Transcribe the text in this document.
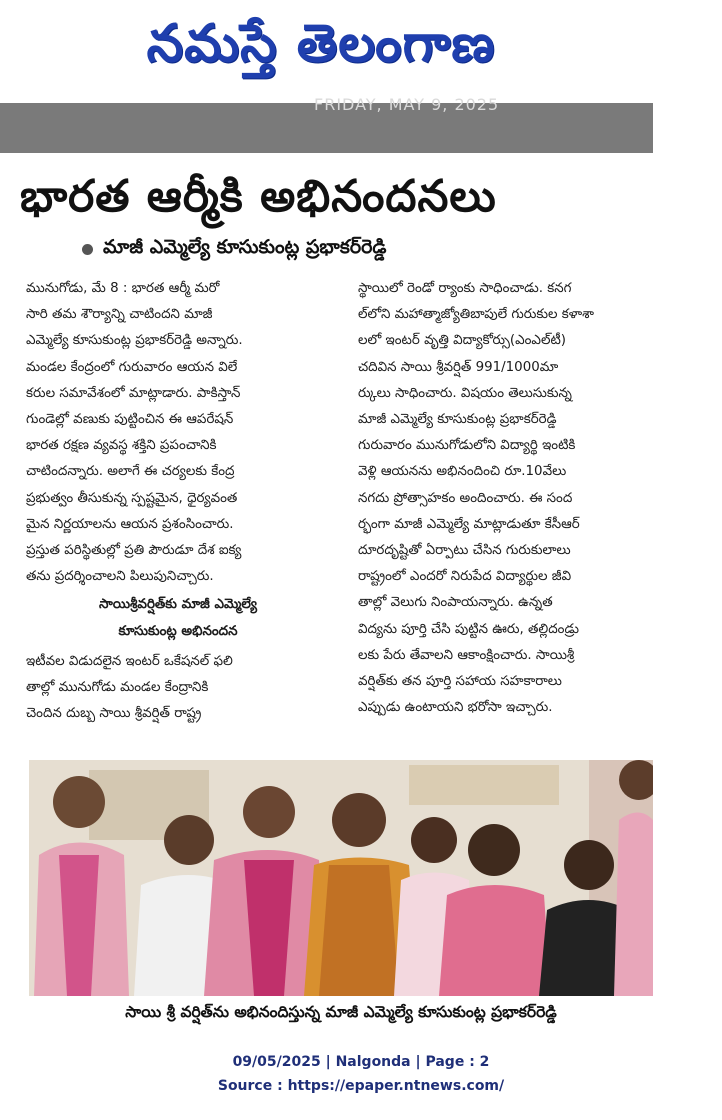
నమస్తే తెలంగాణ
FRIDAY, MAY 9, 2025
భారత ఆర్మీకి అభినందనలు
మాజీ ఎమ్మెల్యే కూసుకుంట్ల ప్రభాకర్‌రెడ్డి
మునుగోడు, మే 8 : భారత ఆర్మీ మరో
సారి తమ శౌర్యాన్ని చాటిందని మాజీ
ఎమ్మెల్యే కూసుకుంట్ల ప్రభాకర్‌రెడ్డి అన్నారు.
మండల కేంద్రంలో గురువారం ఆయన విలే
కరుల సమావేశంలో మాట్లాడారు. పాకిస్తాన్
గుండెల్లో వణుకు పుట్టించిన ఈ ఆపరేషన్
భారత రక్షణ వ్యవస్థ శక్తిని ప్రపంచానికి
చాటిందన్నారు. అలాగే ఈ చర్యలకు కేంద్ర
ప్రభుత్వం తీసుకున్న స్పష్టమైన, ధైర్యవంత
మైన నిర్ణయాలను ఆయన ప్రశంసించారు.
ప్రస్తుత పరిస్థితుల్లో ప్రతి పౌరుడూ దేశ ఐక్య
తను ప్రదర్శించాలని పిలుపునిచ్చారు.
సాయిశ్రీవర్షిత్‌కు మాజీ ఎమ్మెల్యే
కూసుకుంట్ల అభినందన
ఇటీవల విడుదలైన ఇంటర్ ఒకేషనల్ ఫలి
తాల్లో మునుగోడు మండల కేంద్రానికి
చెందిన దుబ్బ సాయి శ్రీవర్షిత్ రాష్ట్ర
స్థాయిలో రెండో ర్యాంకు సాధించాడు. కనగ
ల్‌లోని మహాత్మాజ్యోతిబాపులే గురుకుల కళాశా
లలో ఇంటర్ వృత్తి విద్యాకోర్సు(ఎంఎల్‌టీ)
చదివిన సాయి శ్రీవర్షిత్ 991/1000మా
ర్కులు సాధించారు. విషయం తెలుసుకున్న
మాజీ ఎమ్మెల్యే కూసుకుంట్ల ప్రభాకర్‌రెడ్డి
గురువారం మునుగోడులోని విద్యార్థి ఇంటికి
వెళ్లి ఆయనను అభినందించి రూ.10వేలు
నగదు ప్రోత్సాహకం అందించారు. ఈ సంద
ర్భంగా మాజీ ఎమ్మెల్యే మాట్లాడుతూ కేసీఆర్
దూరదృష్టితో ఏర్పాటు చేసిన గురుకులాలు
రాష్ట్రంలో ఎందరో నిరుపేద విద్యార్థుల జీవి
తాల్లో వెలుగు నింపాయన్నారు. ఉన్నత
విద్యను పూర్తి చేసి పుట్టిన ఊరు, తల్లిదండ్రు
లకు పేరు తేవాలని ఆకాంక్షించారు. సాయిశ్రీ
వర్షిత్‌కు తన పూర్తి సహాయ సహకారాలు
ఎప్పుడు ఉంటాయని భరోసా ఇచ్చారు.
సాయి శ్రీ వర్షిత్‌ను అభినందిస్తున్న మాజీ ఎమ్మెల్యే కూసుకుంట్ల ప్రభాకర్‌రెడ్డి
09/05/2025 | Nalgonda | Page : 2
Source : https://epaper.ntnews.com/
